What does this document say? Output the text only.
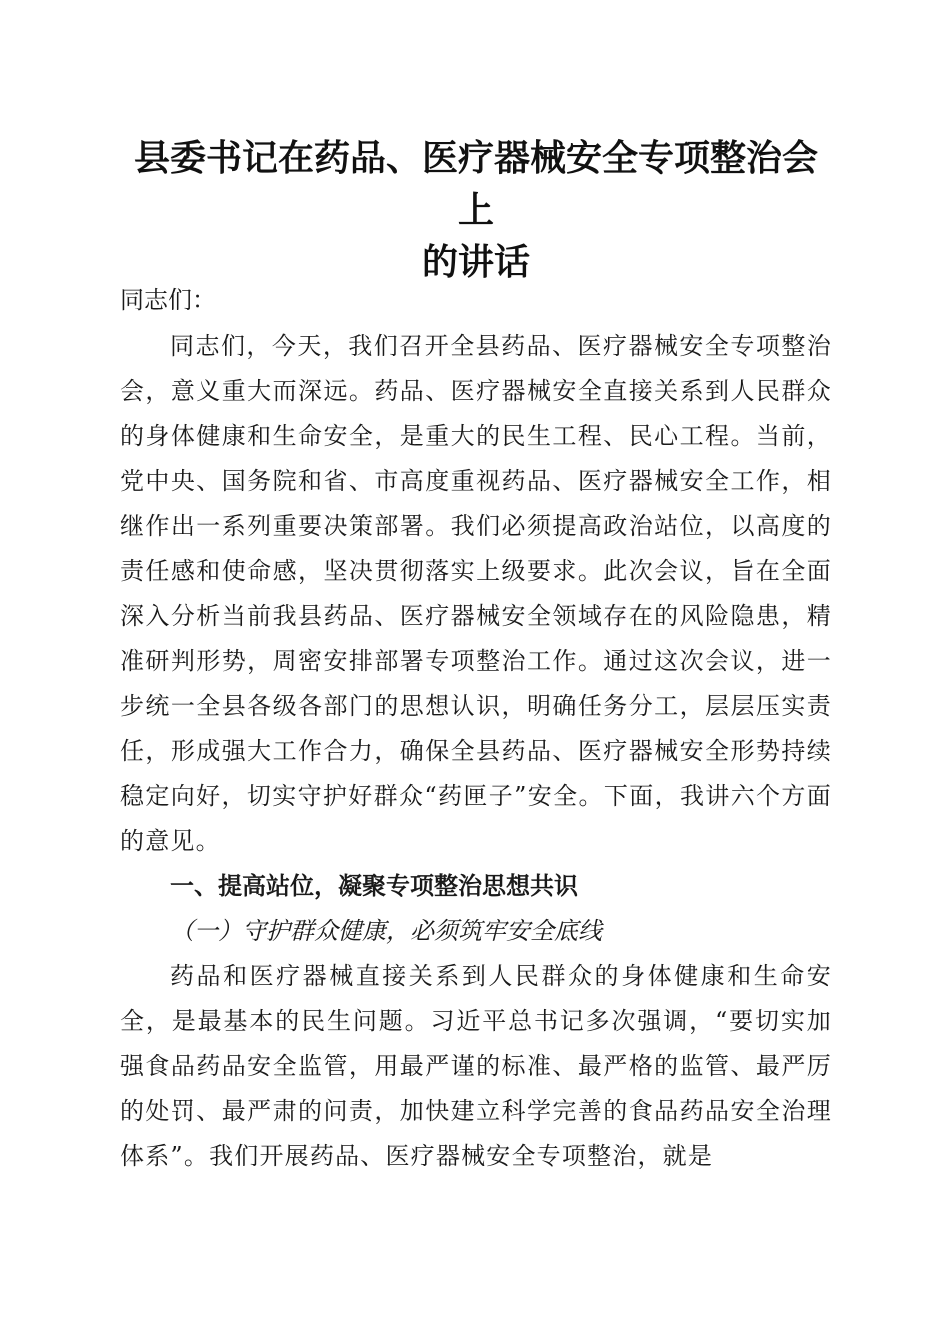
县委书记在药品、医疗器械安全专项整治会上
的讲话

同志们：

同志们，今天，我们召开全县药品、医疗器械安全专项整治会，意义重大而深远。药品、医疗器械安全直接关系到人民群众的身体健康和生命安全，是重大的民生工程、民心工程。当前，党中央、国务院和省、市高度重视药品、医疗器械安全工作，相继作出一系列重要决策部署。我们必须提高政治站位，以高度的责任感和使命感，坚决贯彻落实上级要求。此次会议，旨在全面深入分析当前我县药品、医疗器械安全领域存在的风险隐患，精准研判形势，周密安排部署专项整治工作。通过这次会议，进一步统一全县各级各部门的思想认识，明确任务分工，层层压实责任，形成强大工作合力，确保全县药品、医疗器械安全形势持续稳定向好，切实守护好群众“药匣子”安全。下面，我讲六个方面的意见。

一、提高站位，凝聚专项整治思想共识

（一）守护群众健康，必须筑牢安全底线

药品和医疗器械直接关系到人民群众的身体健康和生命安全，是最基本的民生问题。习近平总书记多次强调，“要切实加强食品药品安全监管，用最严谨的标准、最严格的监管、最严厉的处罚、最严肃的问责，加快建立科学完善的食品药品安全治理体系”。我们开展药品、医疗器械安全专项整治，就是
